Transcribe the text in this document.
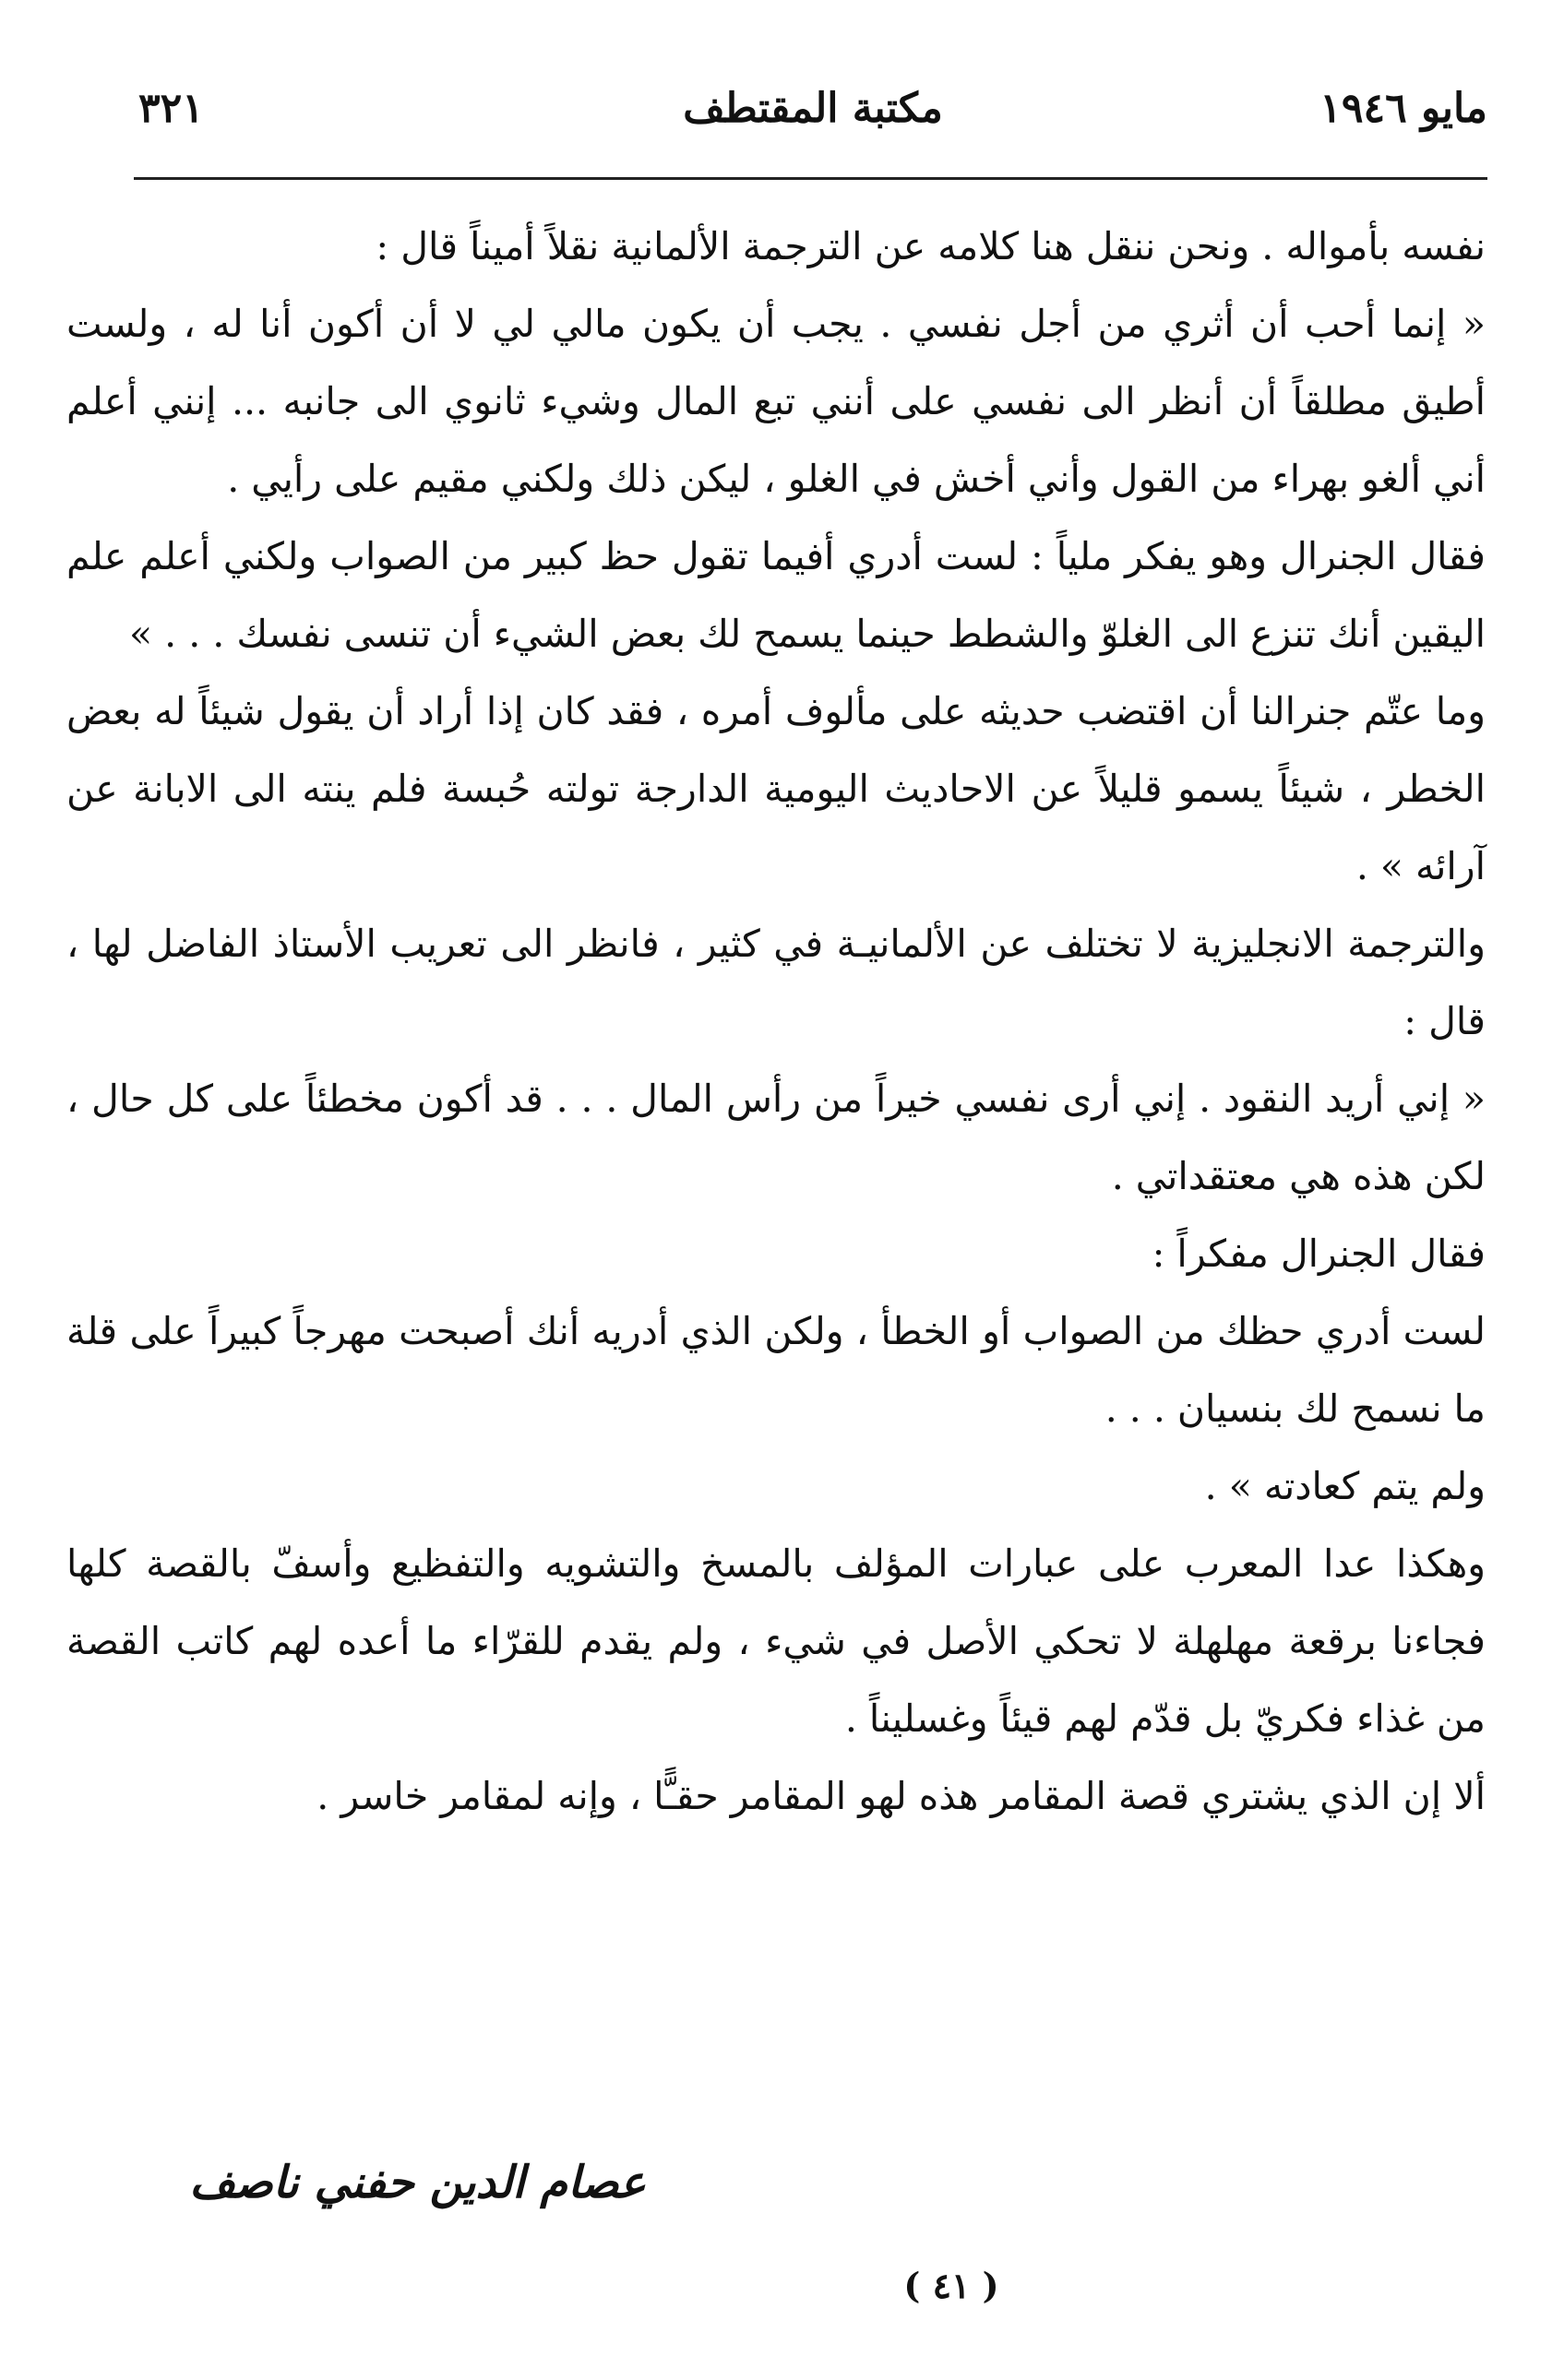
مايو ١٩٤٦
مكتبة المقتطف
٣٢١

نفسه بأمواله . ونحن ننقل هنا كلامه عن الترجمة الألمانية نقلاً أميناً قال :

« إنما أحب أن أثري من أجل نفسي . يجب أن يكون مالي لي لا أن أكون أنا له ، ولست أطيق مطلقاً أن أنظر الى نفسي على أنني تبع المال وشيء ثانوي الى جانبه ... إنني أعلم أني ألغو بهراء من القول وأني أخش في الغلو ، ليكن ذلك ولكني مقيم على رأيي .

فقال الجنرال وهو يفكر ملياً : لست أدري أفيما تقول حظ كبير من الصواب ولكني أعلم علم اليقين أنك تنزع الى الغلوّ والشطط حينما يسمح لك بعض الشيء أن تنسى نفسك . . . »

وما عتّم جنرالنا أن اقتضب حديثه على مألوف أمره ، فقد كان إذا أراد أن يقول شيئاً له بعض الخطر ، شيئاً يسمو قليلاً عن الاحاديث اليومية الدارجة تولته حُبسة فلم ينته الى الابانة عن آرائه » .

والترجمة الانجليزية لا تختلف عن الألمانيـة في كثير ، فانظر الى تعريب الأستاذ الفاضل لها ، قال :

« إني أريد النقود . إني أرى نفسي خيراً من رأس المال . . . قد أكون مخطئاً على كل حال ، لكن هذه هي معتقداتي .

فقال الجنرال مفكراً :

لست أدري حظك من الصواب أو الخطأ ، ولكن الذي أدريه أنك أصبحت مهرجاً كبيراً على قلة ما نسمح لك بنسيان . . .

ولم يتم كعادته » .

وهكذا عدا المعرب على عبارات المؤلف بالمسخ والتشويه والتفظيع وأسفّ بالقصة كلها فجاءنا برقعة مهلهلة لا تحكي الأصل في شيء ، ولم يقدم للقرّاء ما أعده لهم كاتب القصة من غذاء فكريّ بل قدّم لهم قيئاً وغسليناً .

ألا إن الذي يشتري قصة المقامر هذه لهو المقامر حقـًّا ، وإنه لمقامر خاسر .

عصام الدين حفني ناصف
( ٤١ )
